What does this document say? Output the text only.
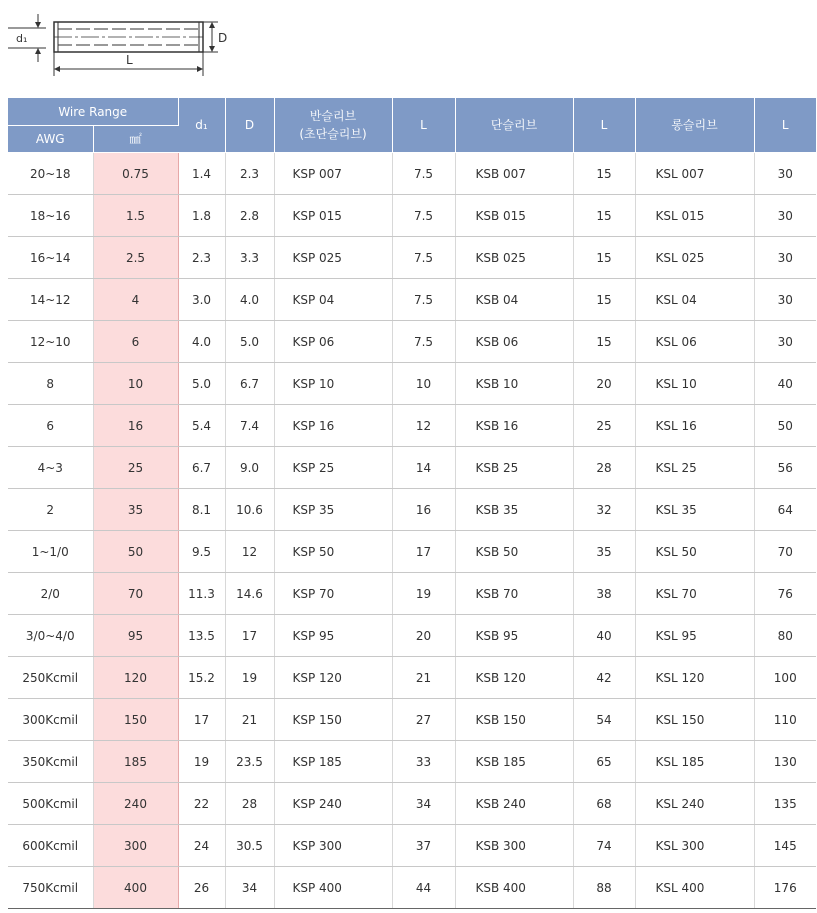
d₁	D
L
Wire Range		d₁	D	반슬리브
(초단슬리브)	L	단슬리브	L	롱슬리브	L
AWG	㎟								
20~18	0.75	1.4	2.3	KSP 007	7.5	KSB 007	15	KSL 007	30
18~16	1.5	1.8	2.8	KSP 015	7.5	KSB 015	15	KSL 015	30
16~14	2.5	2.3	3.3	KSP 025	7.5	KSB 025	15	KSL 025	30
14~12	4	3.0	4.0	KSP 04	7.5	KSB 04	15	KSL 04	30
12~10	6	4.0	5.0	KSP 06	7.5	KSB 06	15	KSL 06	30
8	10	5.0	6.7	KSP 10	10	KSB 10	20	KSL 10	40
6	16	5.4	7.4	KSP 16	12	KSB 16	25	KSL 16	50
4~3	25	6.7	9.0	KSP 25	14	KSB 25	28	KSL 25	56
2	35	8.1	10.6	KSP 35	16	KSB 35	32	KSL 35	64
1~1/0	50	9.5	12	KSP 50	17	KSB 50	35	KSL 50	70
2/0	70	11.3	14.6	KSP 70	19	KSB 70	38	KSL 70	76
3/0~4/0	95	13.5	17	KSP 95	20	KSB 95	40	KSL 95	80
250Kcmil	120	15.2	19	KSP 120	21	KSB 120	42	KSL 120	100
300Kcmil	150	17	21	KSP 150	27	KSB 150	54	KSL 150	110
350Kcmil	185	19	23.5	KSP 185	33	KSB 185	65	KSL 185	130
500Kcmil	240	22	28	KSP 240	34	KSB 240	68	KSL 240	135
600Kcmil	300	24	30.5	KSP 300	37	KSB 300	74	KSL 300	145
750Kcmil	400	26	34	KSP 400	44	KSB 400	88	KSL 400	176
